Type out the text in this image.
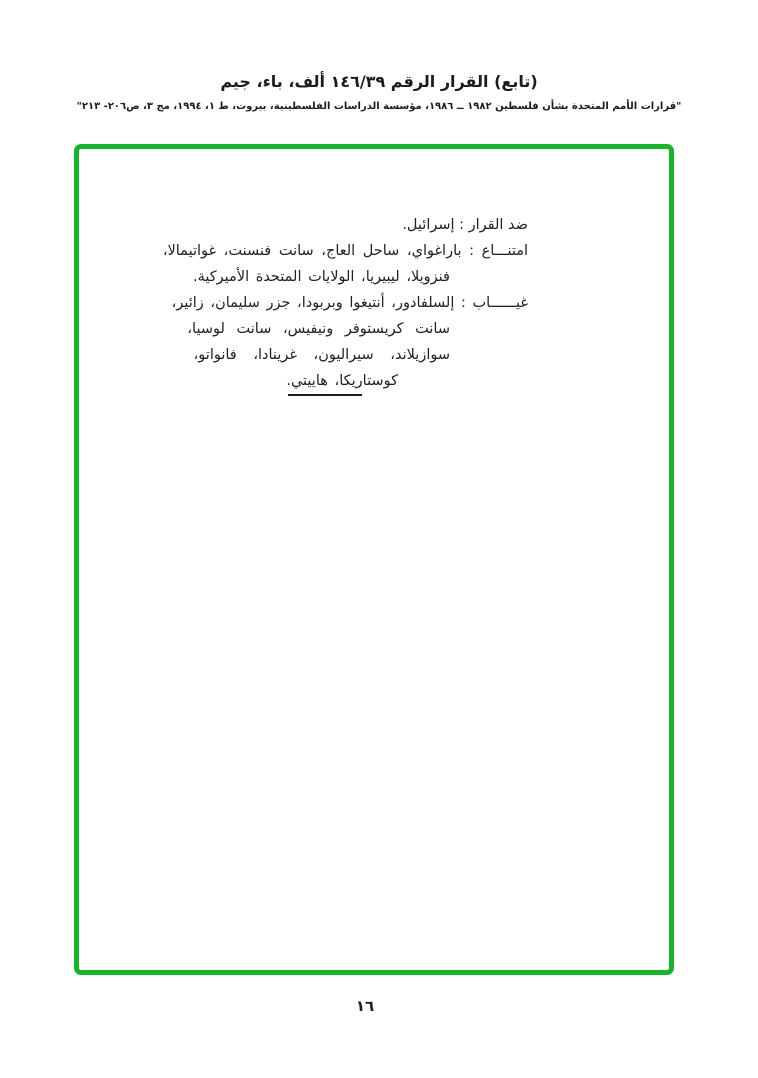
(تابع) القرار الرقم ١٤٦/٣٩ ألف، باء، جيم
"قرارات الأمم المتحدة بشأن فلسطين ١٩٨٢ ــ ١٩٨٦، مؤسسة الدراسات الفلسطينية، بيروت، ط ١، ١٩٩٤، مج ٣، ص٢٠٦- ٢١٣"
ضد القرار : إسرائيل.
امتنـــاع : باراغواي، ساحل العاج، سانت فنسنت، غواتيمالا،
فنزويلا، ليبيريا، الولايات المتحدة الأميركية.
غيــــــاب : إلسلفادور، أنتيغوا وبربودا، جزر سليمان، زائير،
سانت كريستوفر ونيفيس، سانت لوسيا،
سوازيلاند، سيراليون، غرينادا، فانواتو،
كوستاريكا، هاييتي.
١٦
